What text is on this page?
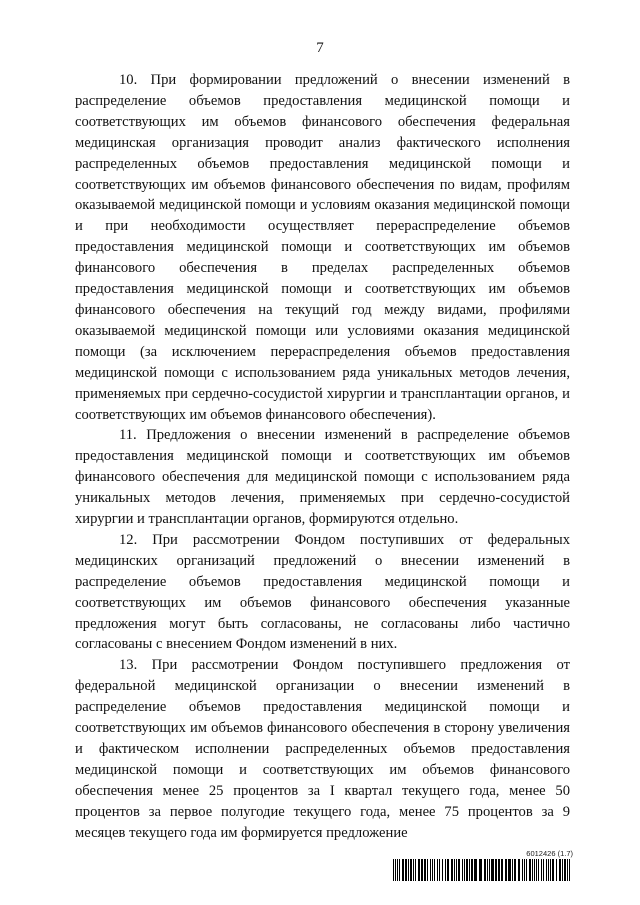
7

10. При формировании предложений о внесении изменений в распределение объемов предоставления медицинской помощи и соответствующих им объемов финансового обеспечения федеральная медицинская организация проводит анализ фактического исполнения распределенных объемов предоставления медицинской помощи и соответствующих им объемов финансового обеспечения по видам, профилям оказываемой медицинской помощи и условиям оказания медицинской помощи и при необходимости осуществляет перераспределение объемов предоставления медицинской помощи и соответствующих им объемов финансового обеспечения в пределах распределенных объемов предоставления медицинской помощи и соответствующих им объемов финансового обеспечения на текущий год между видами, профилями оказываемой медицинской помощи или условиями оказания медицинской помощи (за исключением перераспределения объемов предоставления медицинской помощи с использованием ряда уникальных методов лечения, применяемых при сердечно-сосудистой хирургии и трансплантации органов, и соответствующих им объемов финансового обеспечения).

11. Предложения о внесении изменений в распределение объемов предоставления медицинской помощи и соответствующих им объемов финансового обеспечения для медицинской помощи с использованием ряда уникальных методов лечения, применяемых при сердечно-сосудистой хирургии и трансплантации органов, формируются отдельно.

12. При рассмотрении Фондом поступивших от федеральных медицинских организаций предложений о внесении изменений в распределение объемов предоставления медицинской помощи и соответствующих им объемов финансового обеспечения указанные предложения могут быть согласованы, не согласованы либо частично согласованы с внесением Фондом изменений в них.

13. При рассмотрении Фондом поступившего предложения от федеральной медицинской организации о внесении изменений в распределение объемов предоставления медицинской помощи и соответствующих им объемов финансового обеспечения в сторону увеличения и фактическом исполнении распределенных объемов предоставления медицинской помощи и соответствующих им объемов финансового обеспечения менее 25 процентов за I квартал текущего года, менее 50 процентов за первое полугодие текущего года, менее 75 процентов за 9 месяцев текущего года им формируется предложение

6012426 (1.7)
